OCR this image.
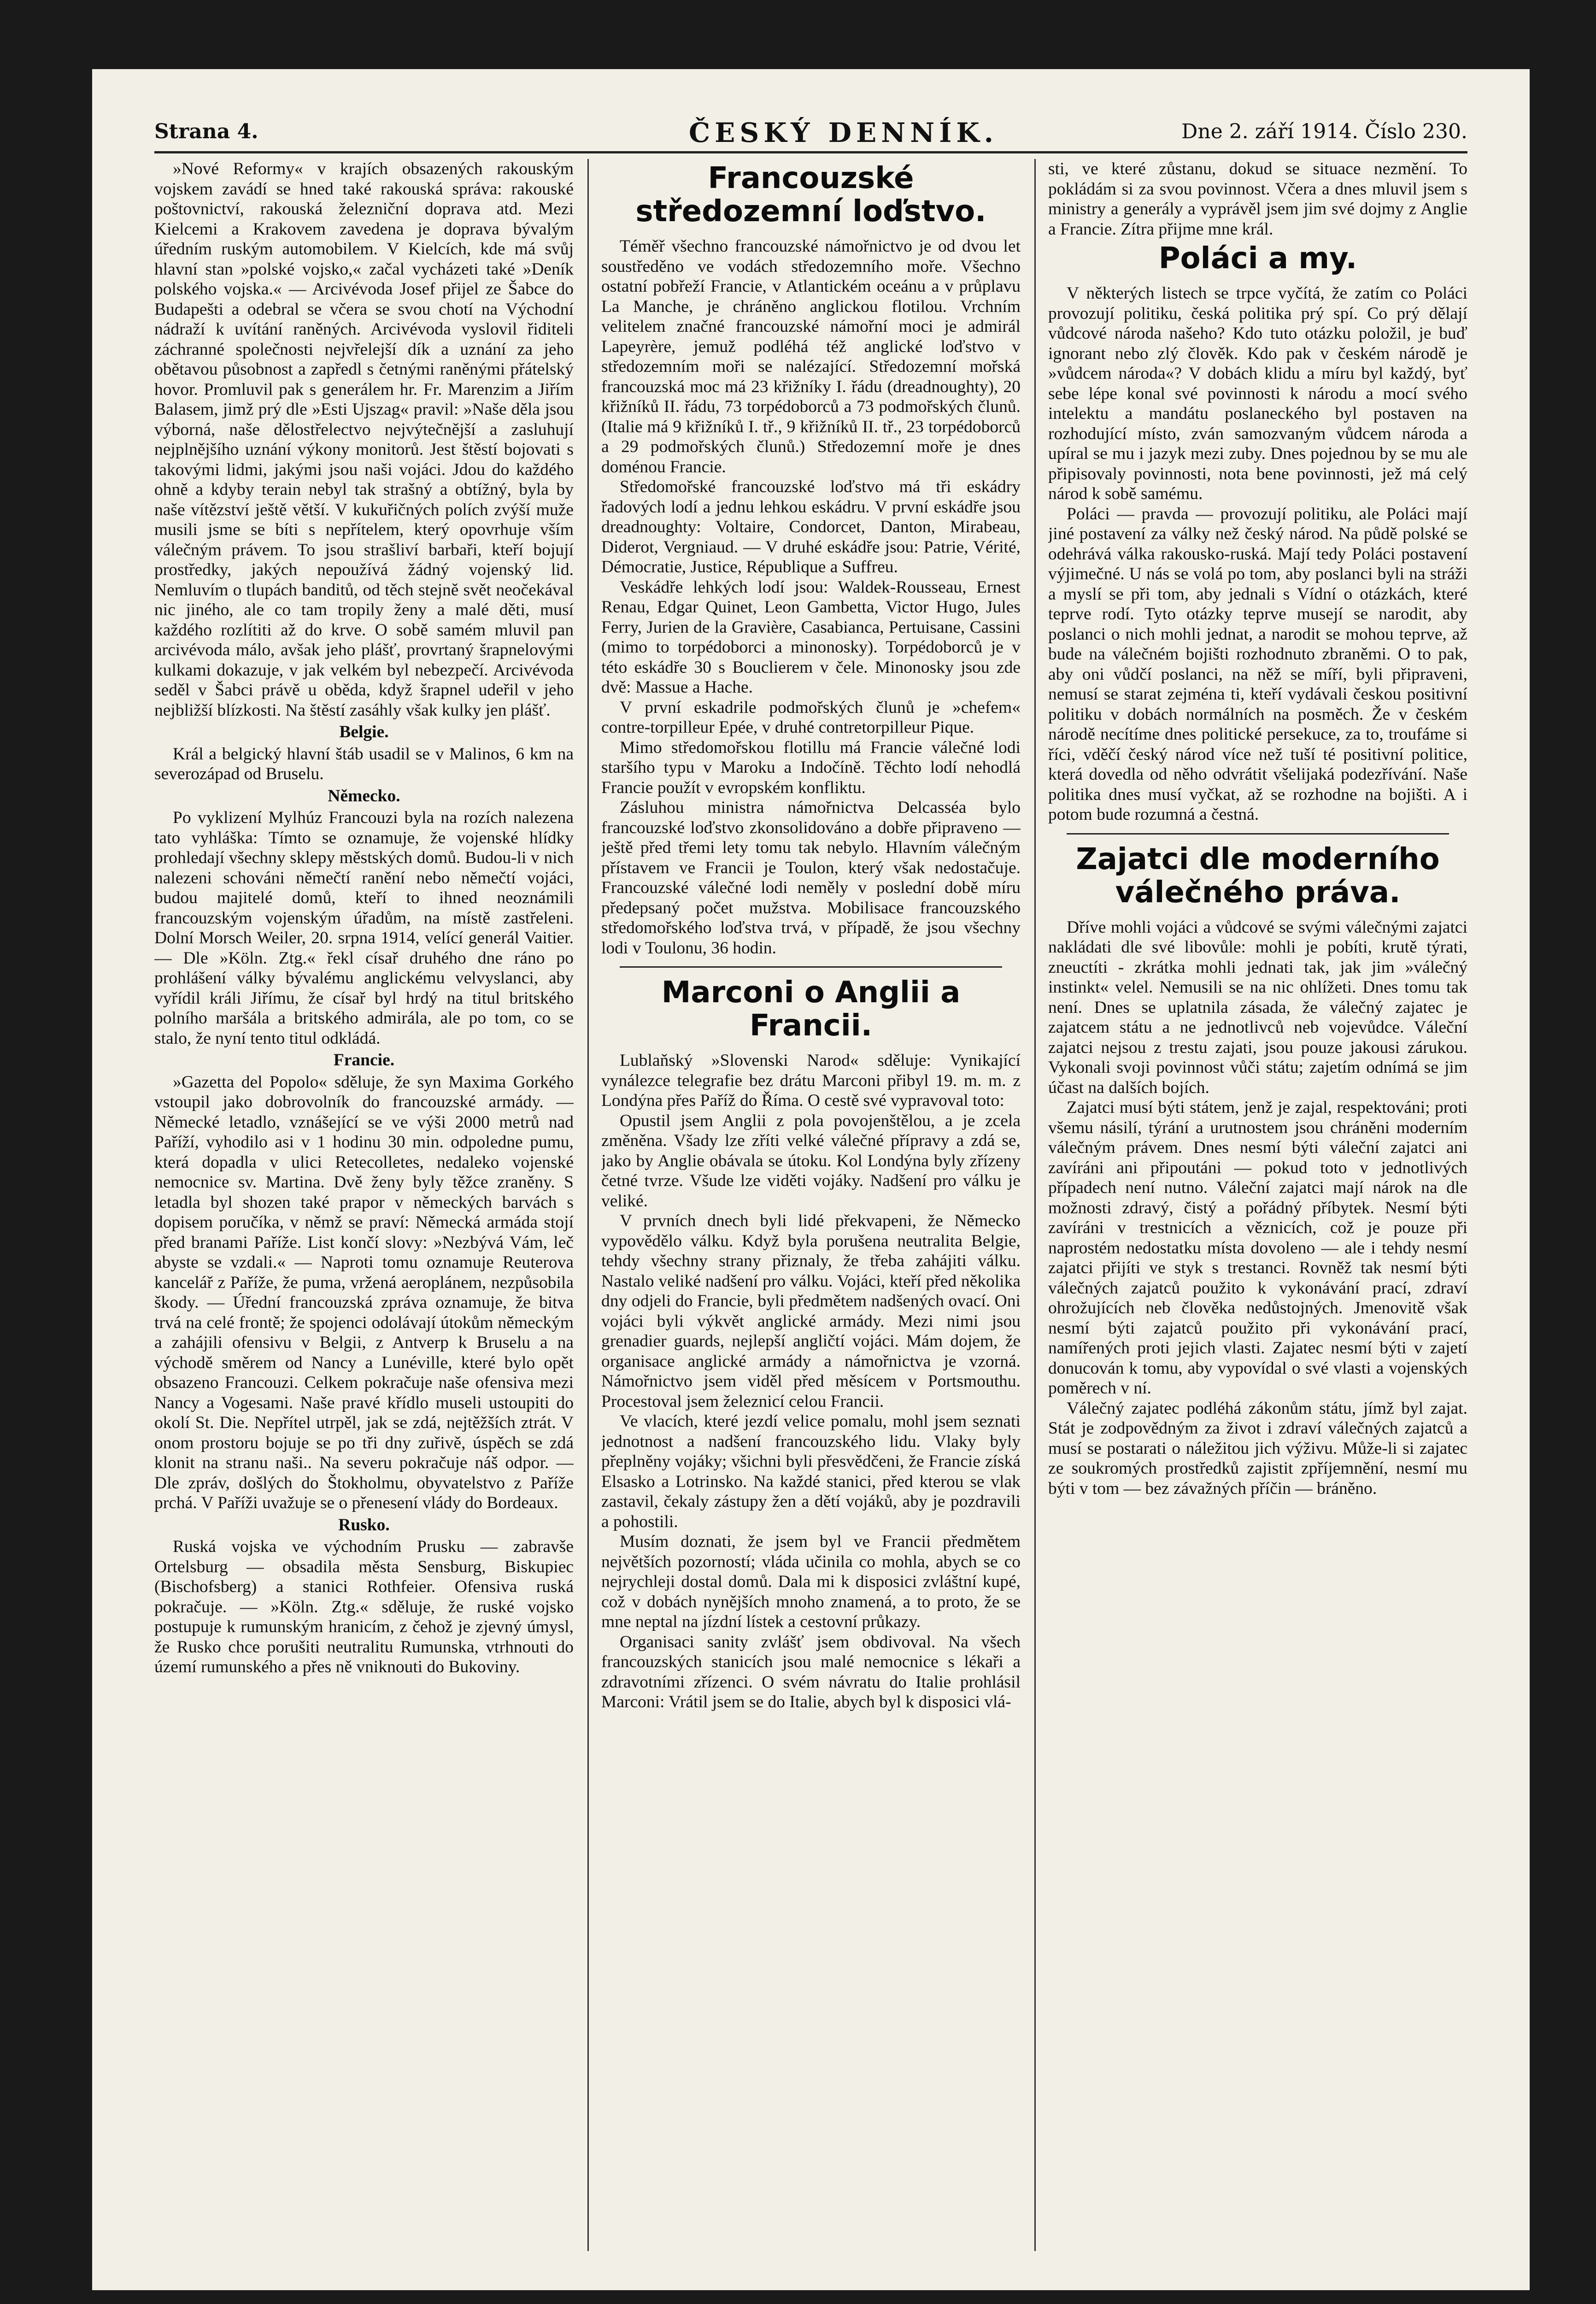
Strana 4.	ČESKÝ DENNÍK.	Dne 2. září 1914. Číslo 230.

»Nové Reformy« v krajích obsazených rakouským vojskem zavádí se hned také rakouská správa: rakouské poštovnictví, rakouská železniční doprava atd. Mezi Kielcemi a Krakovem zavedena je doprava bývalým úředním ruským automobilem. V Kielcích, kde má svůj hlavní stan »polské vojsko,« začal vycházeti také »Deník polského vojska.« — Arcivévoda Josef přijel ze Šabce do Budapešti a odebral se včera se svou chotí na Východní nádraží k uvítání raněných. Arcivévoda vyslovil řiditeli záchranné společnosti nejvřelejší dík a uznání za jeho obětavou působnost a zapředl s četnými raněnými přátelský hovor. Promluvil pak s generálem hr. Fr. Marenzim a Jiřím Balasem, jimž prý dle »Esti Ujszag« pravil: »Naše děla jsou výborná, naše dělostřelectvo nejvýtečnější a zasluhují nejplnějšího uznání výkony monitorů. Jest štěstí bojovati s takovými lidmi, jakými jsou naši vojáci. Jdou do každého ohně a kdyby terain nebyl tak strašný a obtížný, byla by naše vítězství ještě větší. V kukuřičných polích zvýší muže musili jsme se bíti s nepřítelem, který opovrhuje vším válečným právem. To jsou strašliví barbaři, kteří bojují prostředky, jakých nepoužívá žádný vojenský lid. Nemluvím o tlupách banditů, od těch stejně svět neočekával nic jiného, ale co tam tropily ženy a malé děti, musí každého rozlítiti až do krve. O sobě samém mluvil pan arcivévoda málo, avšak jeho plášť, provrtaný šrapnelovými kulkami dokazuje, v jak velkém byl nebezpečí. Arcivévoda seděl v Šabci právě u oběda, když šrapnel udeřil v jeho nejbližší blízkosti. Na štěstí zasáhly však kulky jen plášť.

Belgie.

Král a belgický hlavní štáb usadil se v Malinos, 6 km na severozápad od Bruselu.

Německo.

Po vyklizení Mylhúz Francouzi byla na rozích nalezena tato vyhláška: Tímto se oznamuje, že vojenské hlídky prohledají všechny sklepy městských domů. Budou-li v nich nalezeni schováni němečtí ranění nebo němečtí vojáci, budou majitelé domů, kteří to ihned neoznámili francouzským vojenským úřadům, na místě zastřeleni. Dolní Morsch Weiler, 20. srpna 1914, velící generál Vaitier. — Dle »Köln. Ztg.« řekl císař druhého dne ráno po prohlášení války bývalému anglickému velvyslanci, aby vyřídil králi Jiřímu, že císař byl hrdý na titul britského polního maršála a britského admirála, ale po tom, co se stalo, že nyní tento titul odkládá.

Francie.

»Gazetta del Popolo« sděluje, že syn Maxima Gorkého vstoupil jako dobrovolník do francouzské armády. — Německé letadlo, vznášející se ve výši 2000 metrů nad Paříží, vyhodilo asi v 1 hodinu 30 min. odpoledne pumu, která dopadla v ulici Retecolletes, nedaleko vojenské nemocnice sv. Martina. Dvě ženy byly těžce zraněny. S letadla byl shozen také prapor v německých barvách s dopisem poručíka, v němž se praví: Německá armáda stojí před branami Paříže. List končí slovy: »Nezbývá Vám, leč abyste se vzdali.« — Naproti tomu oznamuje Reuterova kancelář z Paříže, že puma, vržená aeroplánem, nezpůsobila škody. — Úřední francouzská zpráva oznamuje, že bitva trvá na celé frontě; že spojenci odolávají útokům německým a zahájili ofensivu v Belgii, z Antverp k Bruselu a na východě směrem od Nancy a Lunéville, které bylo opět obsazeno Francouzi. Celkem pokračuje naše ofensiva mezi Nancy a Vogesami. Naše pravé křídlo museli ustoupiti do okolí St. Die. Nepřítel utrpěl, jak se zdá, nejtěžších ztrát. V onom prostoru bojuje se po tři dny zuřivě, úspěch se zdá klonit na stranu naši.. Na severu pokračuje náš odpor. — Dle zpráv, došlých do Štokholmu, obyvatelstvo z Paříže prchá. V Paříži uvažuje se o přenesení vlády do Bordeaux.

Rusko.

Ruská vojska ve východním Prusku — zabravše Ortelsburg — obsadila města Sensburg, Biskupiec (Bischofsberg) a stanici Rothfeier. Ofensiva ruská pokračuje. — »Köln. Ztg.« sděluje, že ruské vojsko postupuje k rumunským hranicím, z čehož je zjevný úmysl, že Rusko chce porušiti neutralitu Rumunska, vtrhnouti do území rumunského a přes ně vniknouti do Bukoviny.

Francouzské středozemní loďstvo.

Téměř všechno francouzské námořnictvo je od dvou let soustředěno ve vodách středozemního moře. Všechno ostatní pobřeží Francie, v Atlantickém oceánu a v průplavu La Manche, je chráněno anglickou flotilou. Vrchním velitelem značné francouzské námořní moci je admirál Lapeyrère, jemuž podléhá též anglické loďstvo v středozemním moři se nalézající. Středozemní mořská francouzská moc má 23 křižníky I. řádu (dreadnoughty), 20 křižníků II. řádu, 73 torpédoborců a 73 podmořských člunů. (Italie má 9 křižníků I. tř., 9 křižníků II. tř., 23 torpédoborců a 29 podmořských člunů.) Středozemní moře je dnes doménou Francie.

Středomořské francouzské loďstvo má tři eskádry řadových lodí a jednu lehkou eskádru. V první eskádře jsou dreadnoughty: Voltaire, Condorcet, Danton, Mirabeau, Diderot, Vergniaud. — V druhé eskádře jsou: Patrie, Vérité, Démocratie, Justice, République a Suffreu.

Veskádře lehkých lodí jsou: Waldek-Rousseau, Ernest Renau, Edgar Quinet, Leon Gambetta, Victor Hugo, Jules Ferry, Jurien de la Gravière, Casabianca, Pertuisane, Cassini (mimo to torpédoborci a minonosky). Torpédoborců je v této eskádře 30 s Bouclierem v čele. Minonosky jsou zde dvě: Massue a Hache.

V první eskadrile podmořských člunů je »chefem« contre-torpilleur Epée, v druhé contretorpilleur Pique.

Mimo středomořskou flotillu má Francie válečné lodi staršího typu v Maroku a Indočíně. Těchto lodí nehodlá Francie použít v evropském konfliktu.

Zásluhou ministra námořnictva Delcasséa bylo francouzské loďstvo zkonsolidováno a dobře připraveno — ještě před třemi lety tomu tak nebylo. Hlavním válečným přístavem ve Francii je Toulon, který však nedostačuje. Francouzské válečné lodi neměly v poslední době míru předepsaný počet mužstva. Mobilisace francouzského středomořského loďstva trvá, v případě, že jsou všechny lodi v Toulonu, 36 hodin.

Marconi o Anglii a Francii.

Lublaňský »Slovenski Narod« sděluje: Vynikající vynálezce telegrafie bez drátu Marconi přibyl 19. m. m. z Londýna přes Paříž do Říma. O cestě své vypravoval toto:

Opustil jsem Anglii z pola povojenštělou, a je zcela změněna. Všady lze zříti velké válečné přípravy a zdá se, jako by Anglie obávala se útoku. Kol Londýna byly zřízeny četné tvrze. Všude lze viděti vojáky. Nadšení pro válku je veliké.

V prvních dnech byli lidé překvapeni, že Německo vypovědělo válku. Když byla porušena neutralita Belgie, tehdy všechny strany přiznaly, že třeba zahájiti válku. Nastalo veliké nadšení pro válku. Vojáci, kteří před několika dny odjeli do Francie, byli předmětem nadšených ovací. Oni vojáci byli výkvět anglické armády. Mezi nimi jsou grenadier guards, nejlepší angličtí vojáci. Mám dojem, že organisace anglické armády a námořnictva je vzorná. Námořnictvo jsem viděl před měsícem v Portsmouthu. Procestoval jsem železnicí celou Francii.

Ve vlacích, které jezdí velice pomalu, mohl jsem seznati jednotnost a nadšení francouzského lidu. Vlaky byly přeplněny vojáky; všichni byli přesvědčeni, že Francie získá Elsasko a Lotrinsko. Na každé stanici, před kterou se vlak zastavil, čekaly zástupy žen a dětí vojáků, aby je pozdravili a pohostili.

Musím doznati, že jsem byl ve Francii předmětem největších pozorností; vláda učinila co mohla, abych se co nejrychleji dostal domů. Dala mi k disposici zvláštní kupé, což v dobách nynějších mnoho znamená, a to proto, že se mne neptal na jízdní lístek a cestovní průkazy.

Organisaci sanity zvlášť jsem obdivoval. Na všech francouzských stanicích jsou malé nemocnice s lékaři a zdravotními zřízenci. O svém návratu do Italie prohlásil Marconi: Vrátil jsem se do Italie, abych byl k disposici vlá-

sti, ve které zůstanu, dokud se situace nezmění. To pokládám si za svou povinnost. Včera a dnes mluvil jsem s ministry a generály a vyprávěl jsem jim své dojmy z Anglie a Francie. Zítra přijme mne král.

Poláci a my.

V některých listech se trpce vyčítá, že zatím co Poláci provozují politiku, česká politika prý spí. Co prý dělají vůdcové národa našeho? Kdo tuto otázku položil, je buď ignorant nebo zlý člověk. Kdo pak v českém národě je »vůdcem národa«? V dobách klidu a míru byl každý, byť sebe lépe konal své povinnosti k národu a mocí svého intelektu a mandátu poslaneckého byl postaven na rozhodující místo, zván samozvaným vůdcem národa a upíral se mu i jazyk mezi zuby. Dnes pojednou by se mu ale připisovaly povinnosti, nota bene povinnosti, jež má celý národ k sobě samému.

Poláci — pravda — provozují politiku, ale Poláci mají jiné postavení za války než český národ. Na půdě polské se odehrává válka rakousko-ruská. Mají tedy Poláci postavení výjimečné. U nás se volá po tom, aby poslanci byli na stráži a myslí se při tom, aby jednali s Vídní o otázkách, které teprve rodí. Tyto otázky teprve musejí se narodit, aby poslanci o nich mohli jednat, a narodit se mohou teprve, až bude na válečném bojišti rozhodnuto zbraněmi. O to pak, aby oni vůdčí poslanci, na něž se míří, byli připraveni, nemusí se starat zejména ti, kteří vydávali českou positivní politiku v dobách normálních na posměch. Že v českém národě necítíme dnes politické persekuce, za to, troufáme si říci, vděčí český národ více než tuší té positivní politice, která dovedla od něho odvrátit všelijaká podezřívání. Naše politika dnes musí vyčkat, až se rozhodne na bojišti. A i potom bude rozumná a čestná.

Zajatci dle moderního válečného práva.

Dříve mohli vojáci a vůdcové se svými válečnými zajatci nakládati dle své libovůle: mohli je pobíti, krutě týrati, zneuctíti - zkrátka mohli jednati tak, jak jim »válečný instinkt« velel. Nemusili se na nic ohlížeti. Dnes tomu tak není. Dnes se uplatnila zásada, že válečný zajatec je zajatcem státu a ne jednotlivců neb vojevůdce. Váleční zajatci nejsou z trestu zajati, jsou pouze jakousi zárukou. Vykonali svoji povinnost vůči státu; zajetím odnímá se jim účast na dalších bojích.

Zajatci musí býti státem, jenž je zajal, respektováni; proti všemu násilí, týrání a urutnostem jsou chráněni moderním válečným právem. Dnes nesmí býti váleční zajatci ani zavíráni ani připoutáni — pokud toto v jednotlivých případech není nutno. Váleční zajatci mají nárok na dle možnosti zdravý, čistý a pořádný příbytek. Nesmí býti zavíráni v trestnicích a věznicích, což je pouze při naprostém nedostatku místa dovoleno — ale i tehdy nesmí zajatci přijíti ve styk s trestanci. Rovněž tak nesmí býti válečných zajatců použito k vykonávání prací, zdraví ohrožujících neb člověka nedůstojných. Jmenovitě však nesmí býti zajatců použito při vykonávání prací, namířených proti jejich vlasti. Zajatec nesmí býti v zajetí donucován k tomu, aby vypovídal o své vlasti a vojenských poměrech v ní.

Válečný zajatec podléhá zákonům státu, jímž byl zajat. Stát je zodpovědným za život i zdraví válečných zajatců a musí se postarati o náležitou jich výživu. Může-li si zajatec ze soukromých prostředků zajistit zpříjemnění, nesmí mu býti v tom — bez závažných příčin — bráněno.
